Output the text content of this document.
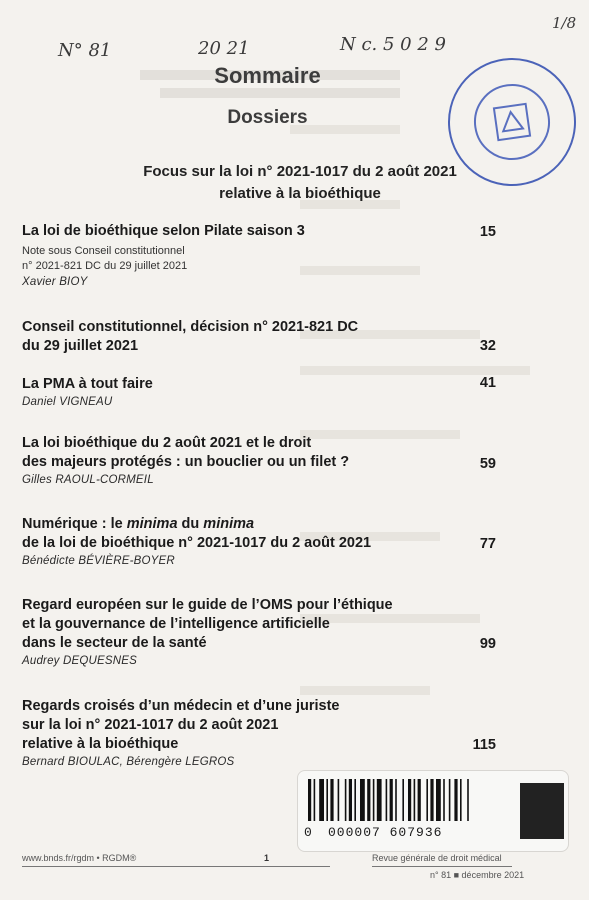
N° 81	20 21	N c. 5 0 2 9
1/8
Sommaire
Dossiers
Focus sur la loi n° 2021-1017 du 2 août 2021
relative à la bioéthique
La loi de bioéthique selon Pilate saison 3
Note sous Conseil constitutionnel
n° 2021-821 DC du 29 juillet 2021
Xavier BIOY
15
Conseil constitutionnel, décision n° 2021-821 DC
du 29 juillet 2021	32
La PMA à tout faire
Daniel VIGNEAU
41
La loi bioéthique du 2 août 2021 et le droit
des majeurs protégés : un bouclier ou un filet ?
Gilles RAOUL-CORMEIL
59
Numérique : le minima du minima
de la loi de bioéthique n° 2021-1017 du 2 août 2021
Bénédicte BÉVIÈRE-BOYER
77
Regard européen sur le guide de l’OMS pour l’éthique
et la gouvernance de l’intelligence artificielle
dans le secteur de la santé
Audrey DEQUESNES
99
Regards croisés d’un médecin et d’une juriste
sur la loi n° 2021-1017 du 2 août 2021
relative à la bioéthique
Bernard BIOULAC, Bérengère LEGROS
115
0 000007 607936
www.bnds.fr/rgdm • RGDM®	1	Revue générale de droit médical
n° 81 ■ décembre 2021
